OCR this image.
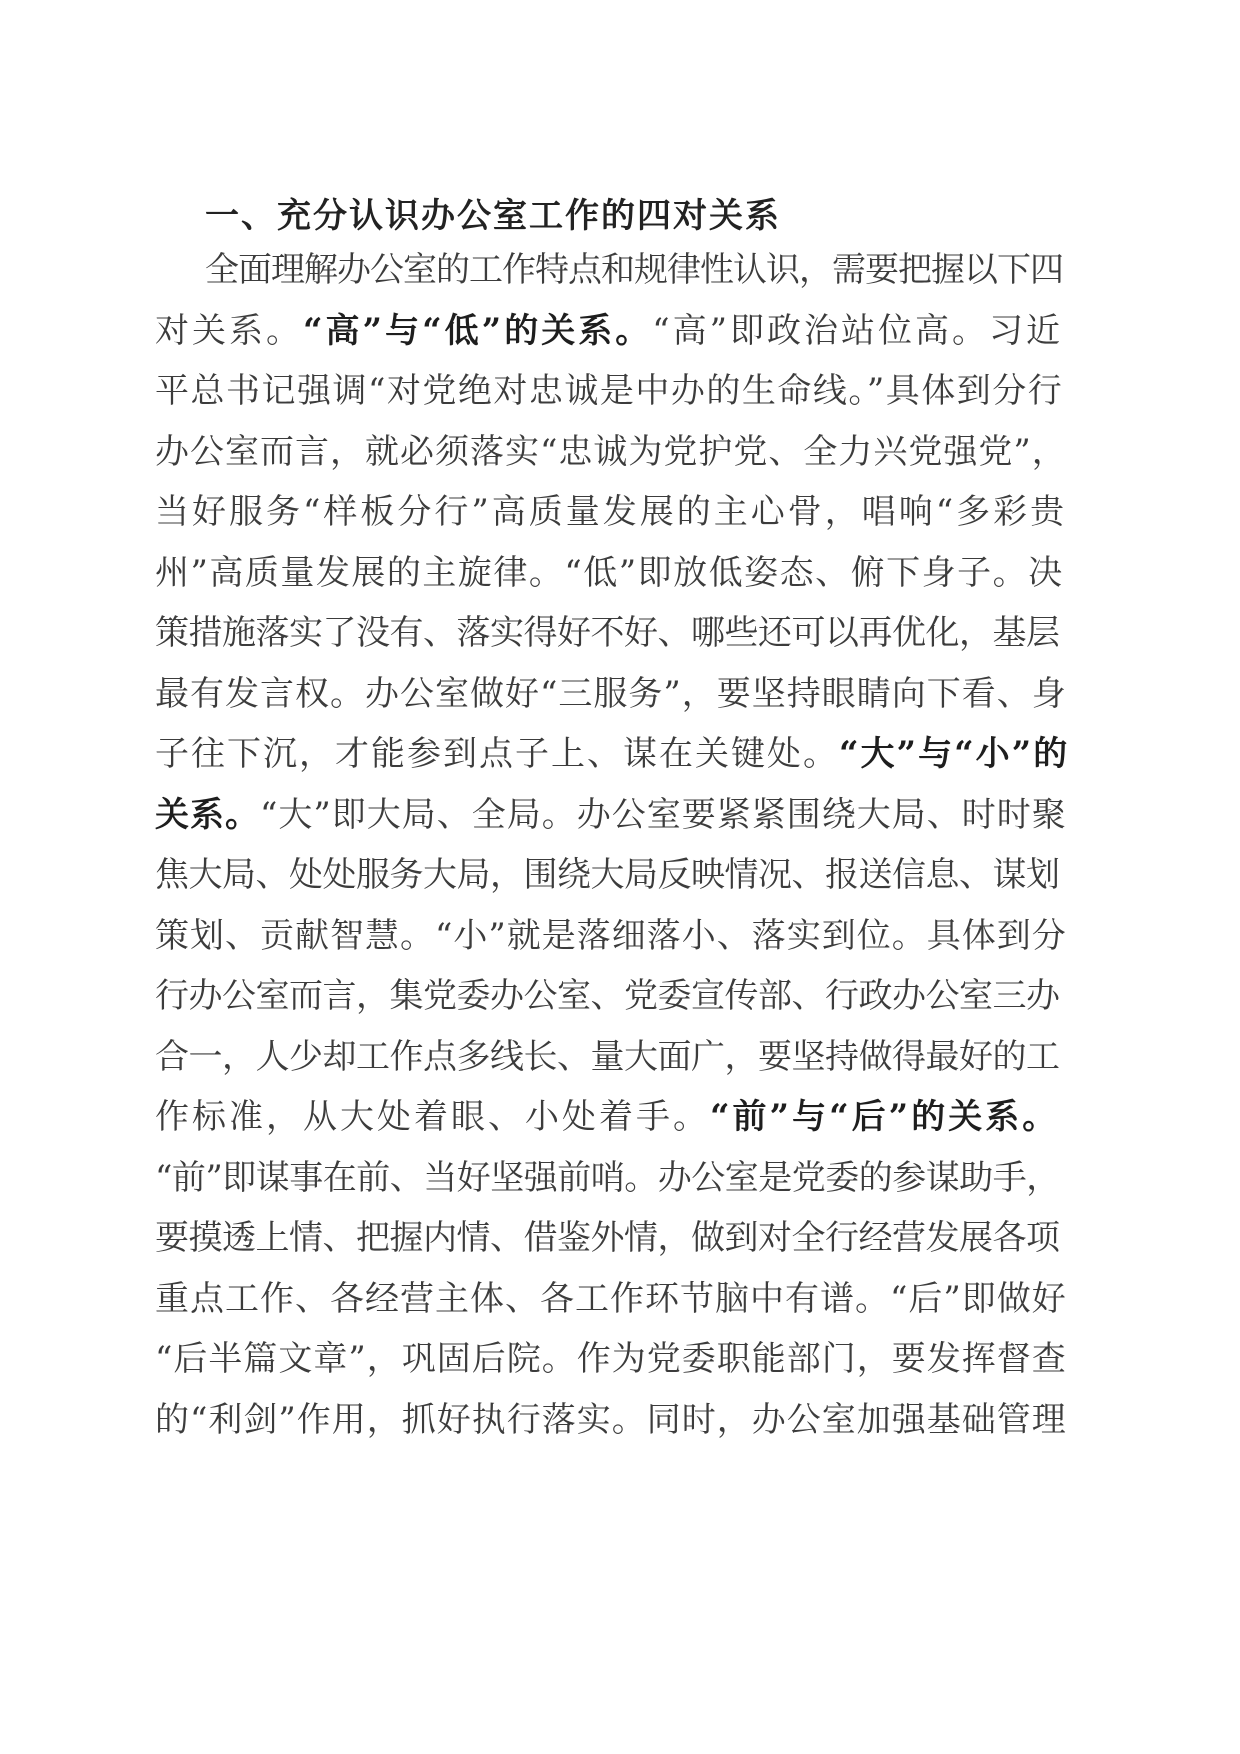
一、充分认识办公室工作的四对关系
全面理解办公室的工作特点和规律性认识，需要把握以下四
对关系。“高”与“低”的关系。“高”即政治站位高。习近
平总书记强调“对党绝对忠诚是中办的生命线。”具体到分行
办公室而言，就必须落实“忠诚为党护党、全力兴党强党”，
当好服务“样板分行”高质量发展的主心骨，唱响“多彩贵
州”高质量发展的主旋律。“低”即放低姿态、俯下身子。决
策措施落实了没有、落实得好不好、哪些还可以再优化，基层
最有发言权。办公室做好“三服务”，要坚持眼睛向下看、身
子往下沉，才能参到点子上、谋在关键处。“大”与“小”的
关系。“大”即大局、全局。办公室要紧紧围绕大局、时时聚
焦大局、处处服务大局，围绕大局反映情况、报送信息、谋划
策划、贡献智慧。“小”就是落细落小、落实到位。具体到分
行办公室而言，集党委办公室、党委宣传部、行政办公室三办
合一，人少却工作点多线长、量大面广，要坚持做得最好的工
作标准，从大处着眼、小处着手。“前”与“后”的关系。
“前”即谋事在前、当好坚强前哨。办公室是党委的参谋助手，
要摸透上情、把握内情、借鉴外情，做到对全行经营发展各项
重点工作、各经营主体、各工作环节脑中有谱。“后”即做好
“后半篇文章”，巩固后院。作为党委职能部门，要发挥督查
的“利剑”作用，抓好执行落实。同时，办公室加强基础管理
